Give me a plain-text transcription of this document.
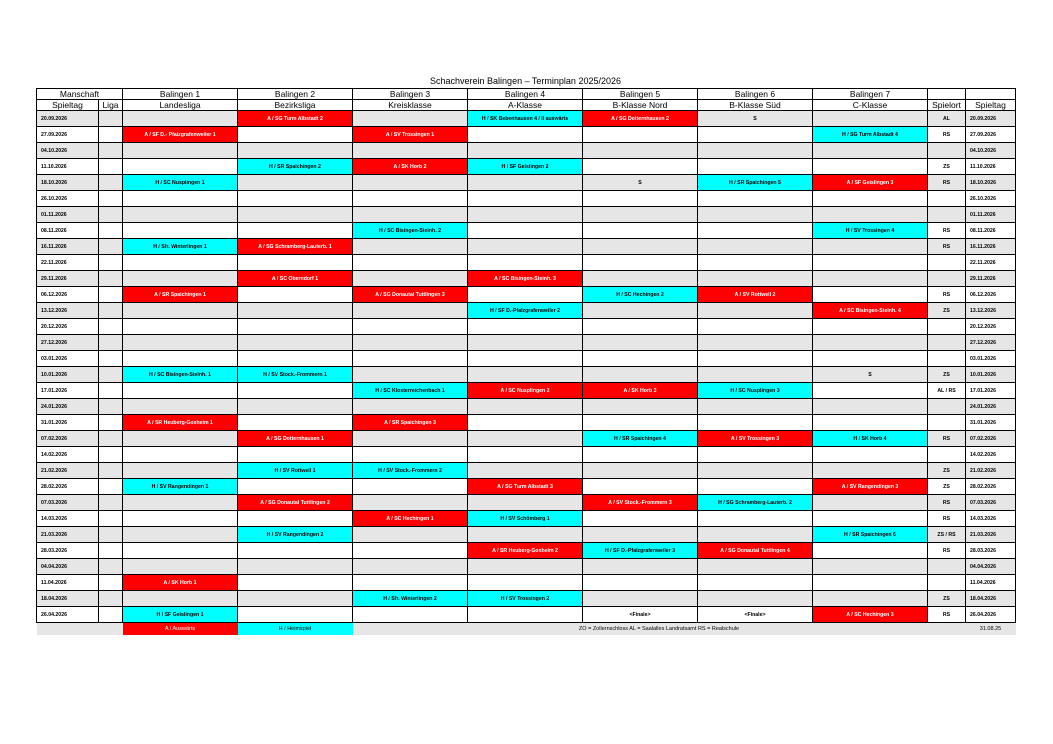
Schachverein Balingen – Terminplan 2025/2026
Manschaft		Balingen 1	Balingen 2	Balingen 3	Balingen 4	Balingen 5	Balingen 6	Balingen 7		
Spieltag	Liga	Landesliga	Bezirksliga	Kreisklasse	A-Klasse	B-Klasse Nord	B-Klasse Süd	C-Klasse	Spielort	Spieltag
20.09.2026			A / SG Turm Albstadt 2		H / SK Bebenhausen 4 / ll auswärts	A / SG Dotternhausen 2	S		AL	20.09.2026
27.09.2026		A / SF D.- Pfalzgrafenweiler 1		A / SV Trossingen 1				H / SG Turm Albstadt 4	RS	27.09.2026
04.10.2026										04.10.2026
11.10.2026			H / SR Spaichingen 2	A / SK Horb 2	H / SF Geislingen 2				ZS	11.10.2026
18.10.2026		H / SC Nusplingen 1				S	H / SR Spaichingen 5	A / SF Geislingen 3	RS	18.10.2026
26.10.2026										26.10.2026
01.11.2026										01.11.2026
08.11.2026				H / SC Bisingen-Steinh. 2				H / SV Trossingen 4	RS	08.11.2026
16.11.2026		H / Sfr. Winterlingen 1	A / SG Schramberg-Lauterb. 1						RS	16.11.2026
22.11.2026										22.11.2026
29.11.2026			A / SC Oberndorf 1		A / SC Bisingen-Steinh. 3					29.11.2026
06.12.2026		A / SR Spaichingen 1		A / SG Donautal Tuttlingen 3		H / SC Hechingen 2	A / SV Rottweil 2		RS	06.12.2026
13.12.2026					H / SF D.-Pfalzgrafenweiler 2			A / SC Bisingen-Steinh. 4	ZS	13.12.2026
20.12.2026										20.12.2026
27.12.2026										27.12.2026
03.01.2026										03.01.2026
10.01.2026		H / SC Bisingen-Steinh. 1	H / SV Stock.-Frommern 1					S	ZS	10.01.2026
17.01.2026				H / SC Klosterreichenbach 1	A / SC Nusplingen 2	A / SK Horb 3	H / SC Nusplingen 3		AL / RS	17.01.2026
24.01.2026										24.01.2026
31.01.2026		A / SR Heuberg-Gosheim 1		A / SR Spaichingen 3						31.01.2026
07.02.2026			A / SG Dotternhausen 1			H / SR Spaichingen 4	A / SV Trossingen 3	H / SK Horb 4	RS	07.02.2026
14.02.2026										14.02.2026
21.02.2026			H / SV Rottweil 1	H / SV Stock.-Frommern 2					ZS	21.02.2026
28.02.2026		H / SV Rangendingen 1			A / SG Turm Albstadt 3			A / SV Rangendingen 3	ZS	28.02.2026
07.03.2026			A / SG Donautal Tuttlingen 2			A / SV Stock.-Frommern 3	H / SG Schramberg-Lauterb. 2		RS	07.03.2026
14.03.2026				A / SC Hechingen 1	H / SV Schömberg 1				RS	14.03.2026
21.03.2026			H / SV Rangendingen 2					H / SR Spaichingen 6	ZS / RS	21.03.2026
28.03.2026					A / SR Heuberg-Gosheim 2	H / SF D.-Pfalzgrafenweiler 3	A / SG Donautal Tuttlingen 4		RS	28.03.2026
04.04.2026										04.04.2026
11.04.2026		A / SK Horb 1								11.04.2026
18.04.2026				H / Sfr. Winterlingen 2	H / SV Trossingen 2				ZS	18.04.2026
26.04.2026		H / SF Geislingen 1				<Finale>	<Finale>	A / SC Hechingen 3	RS	26.04.2026
		A / Auswärts	H / Heimspiel	ZO = Zollernschloss AL = Saalalles Landratsamt RS = Realschule						31.08.25
